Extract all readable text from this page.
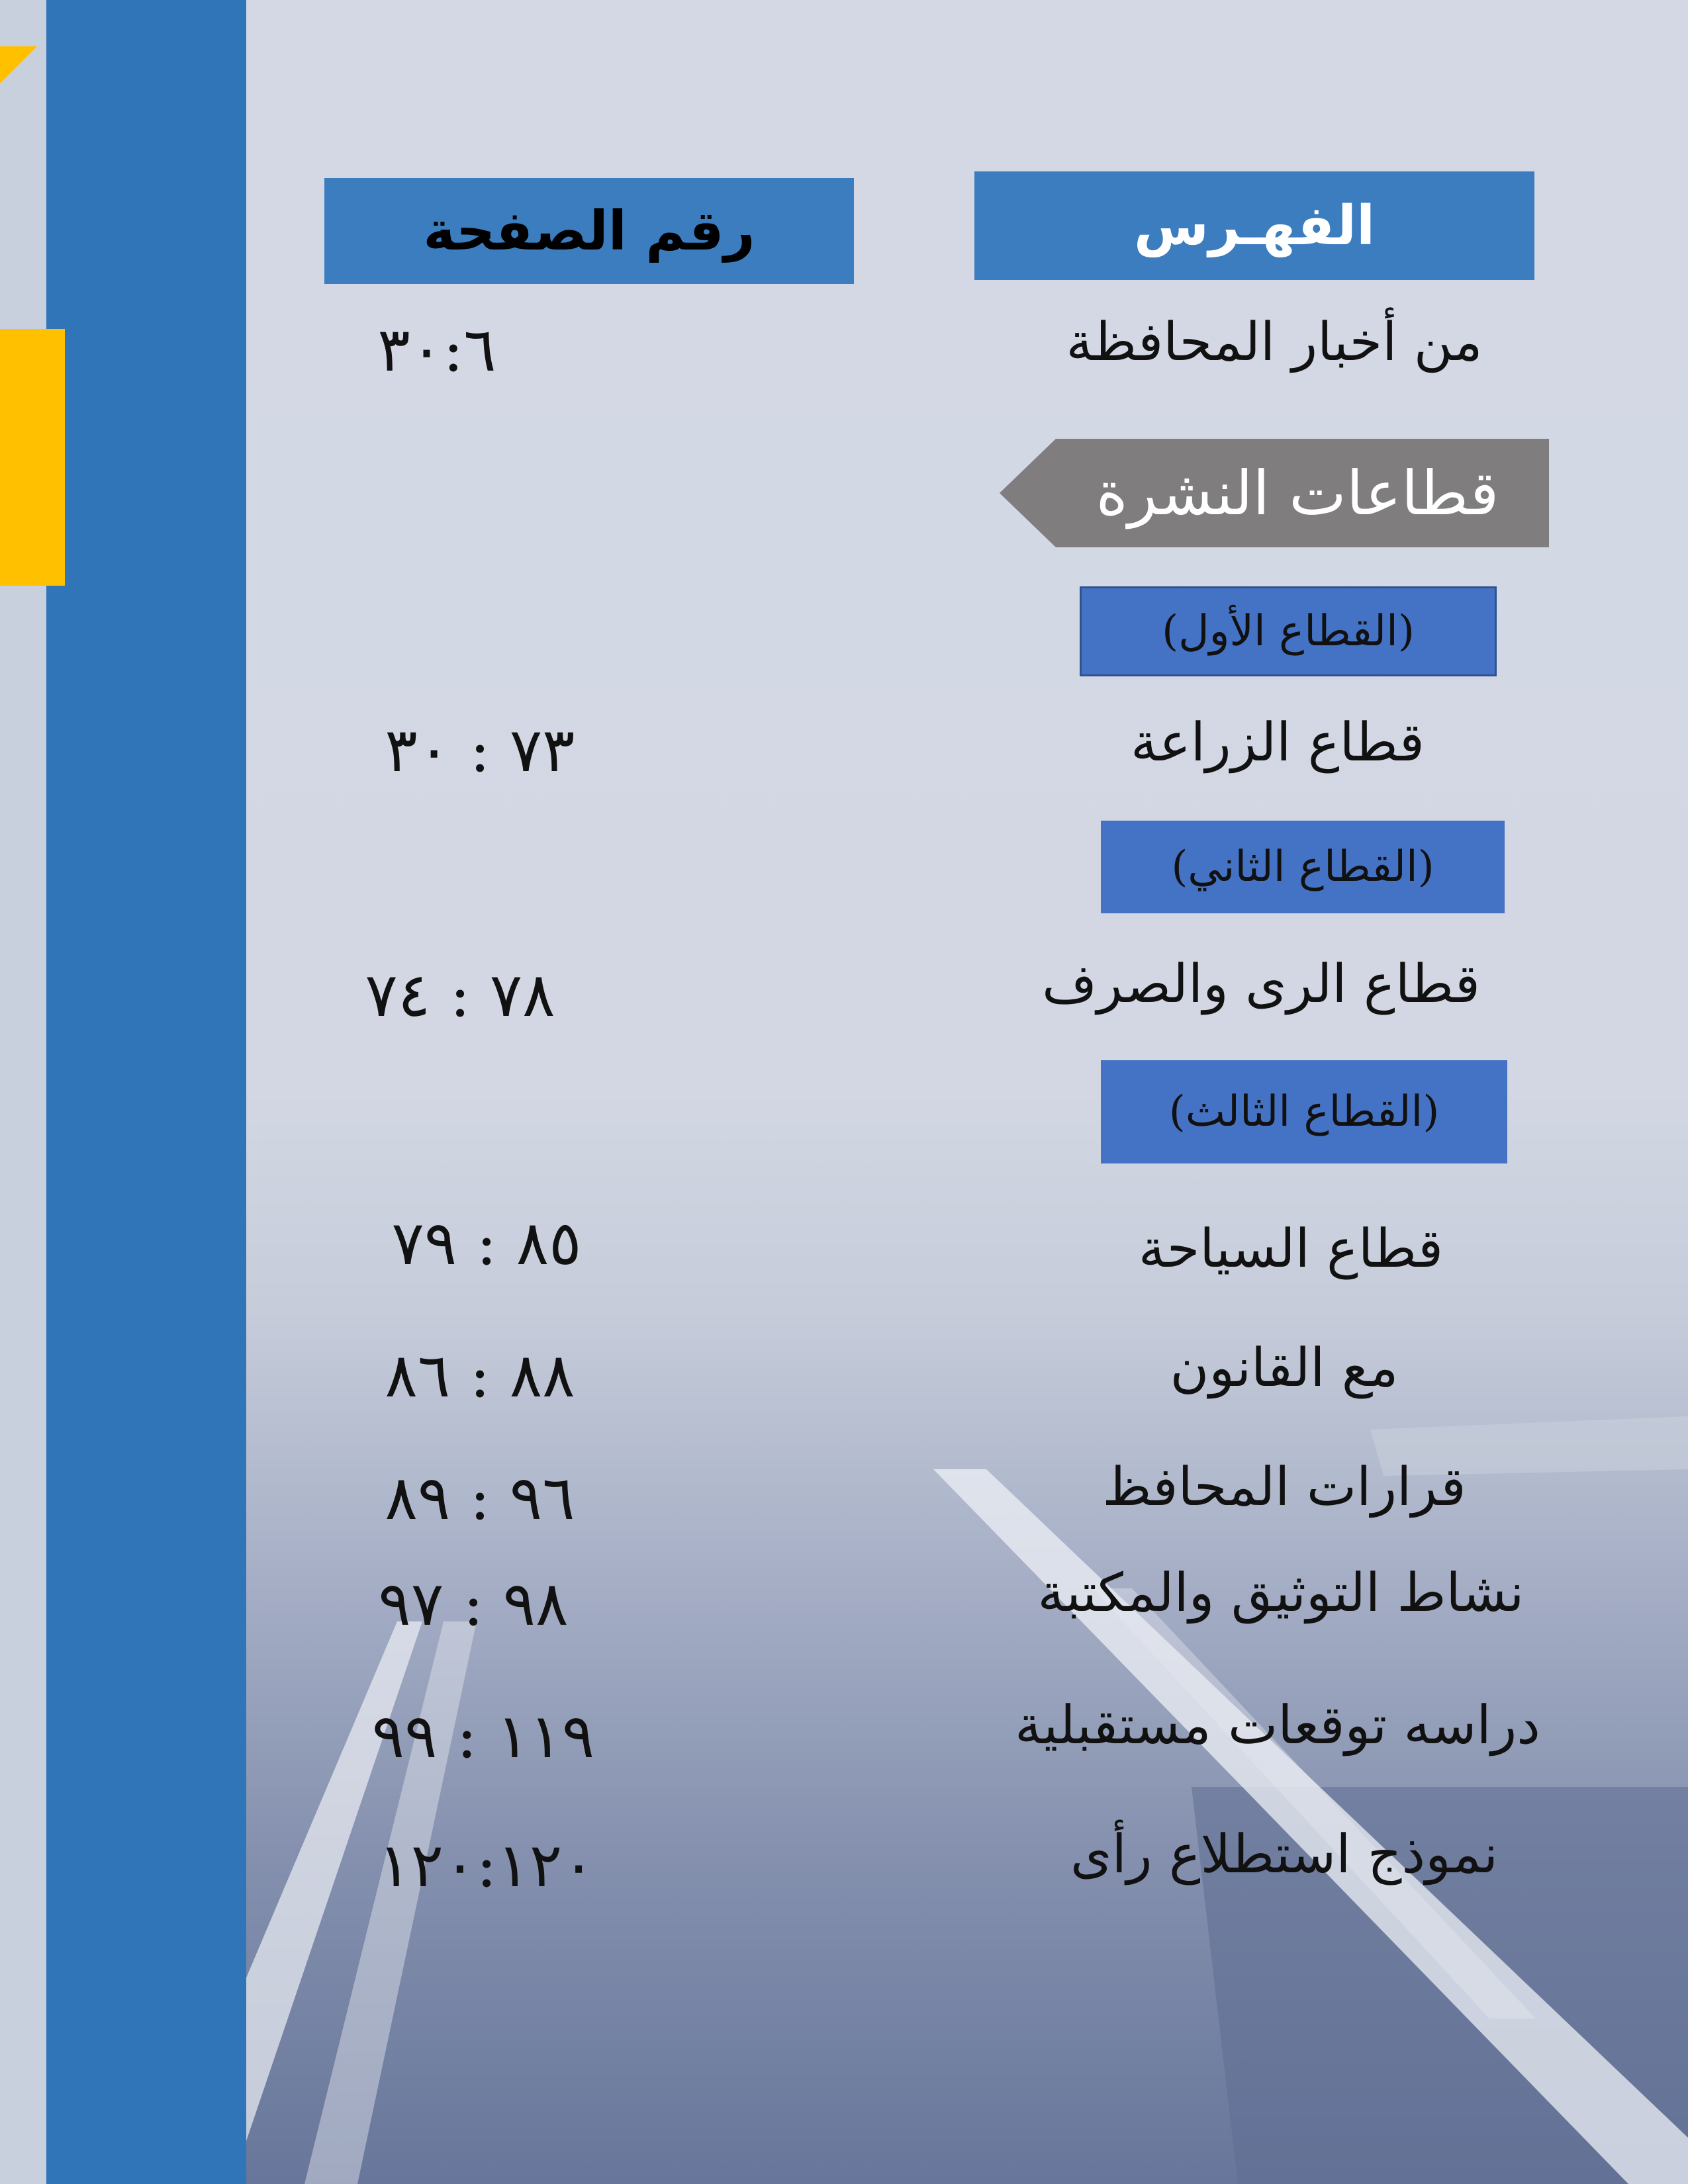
الفهـرس
رقم الصفحة
من أخبار المحافظة
٣٠:٦
قطاعات النشرة
(القطاع الأول)
قطاع الزراعة
٧٣ : ٣٠
(القطاع الثاني)
قطاع الرى والصرف
٧٨ : ٧٤
(القطاع الثالث)
قطاع السياحة
٨٥ : ٧٩
مع القانون
٨٨ : ٨٦
قرارات المحافظ
٩٦ : ٨٩
نشاط التوثيق والمكتبة
٩٨ : ٩٧
دراسه توقعات مستقبلية
١١٩ : ٩٩
نموذج استطلاع رأى
١٢٠:١٢٠
